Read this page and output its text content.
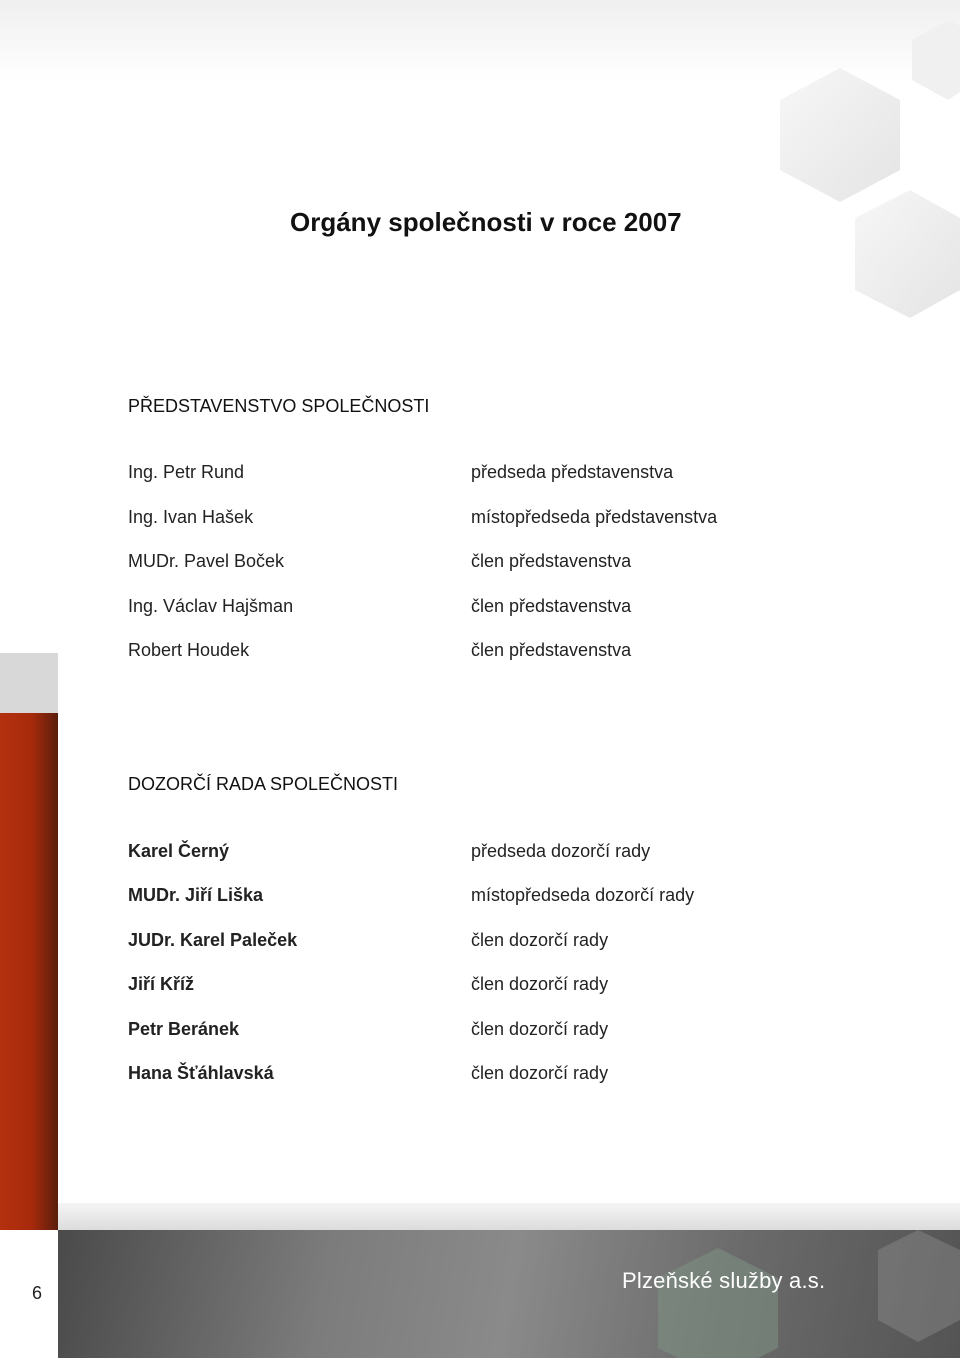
Orgány společnosti v roce 2007
PŘEDSTAVENSTVO SPOLEČNOSTI
Ing. Petr Rund	předseda představenstva
Ing. Ivan Hašek	místopředseda představenstva
MUDr. Pavel Boček	člen představenstva
Ing. Václav Hajšman	člen představenstva
Robert Houdek	člen představenstva
DOZORČÍ RADA SPOLEČNOSTI
Karel Černý	předseda dozorčí rady
MUDr. Jiří Liška	místopředseda dozorčí rady
JUDr. Karel Paleček	člen dozorčí rady
Jiří Kříž	člen dozorčí rady
Petr Beránek	člen dozorčí rady
Hana Šťáhlavská	člen dozorčí rady
6	Plzeňské služby a.s.
